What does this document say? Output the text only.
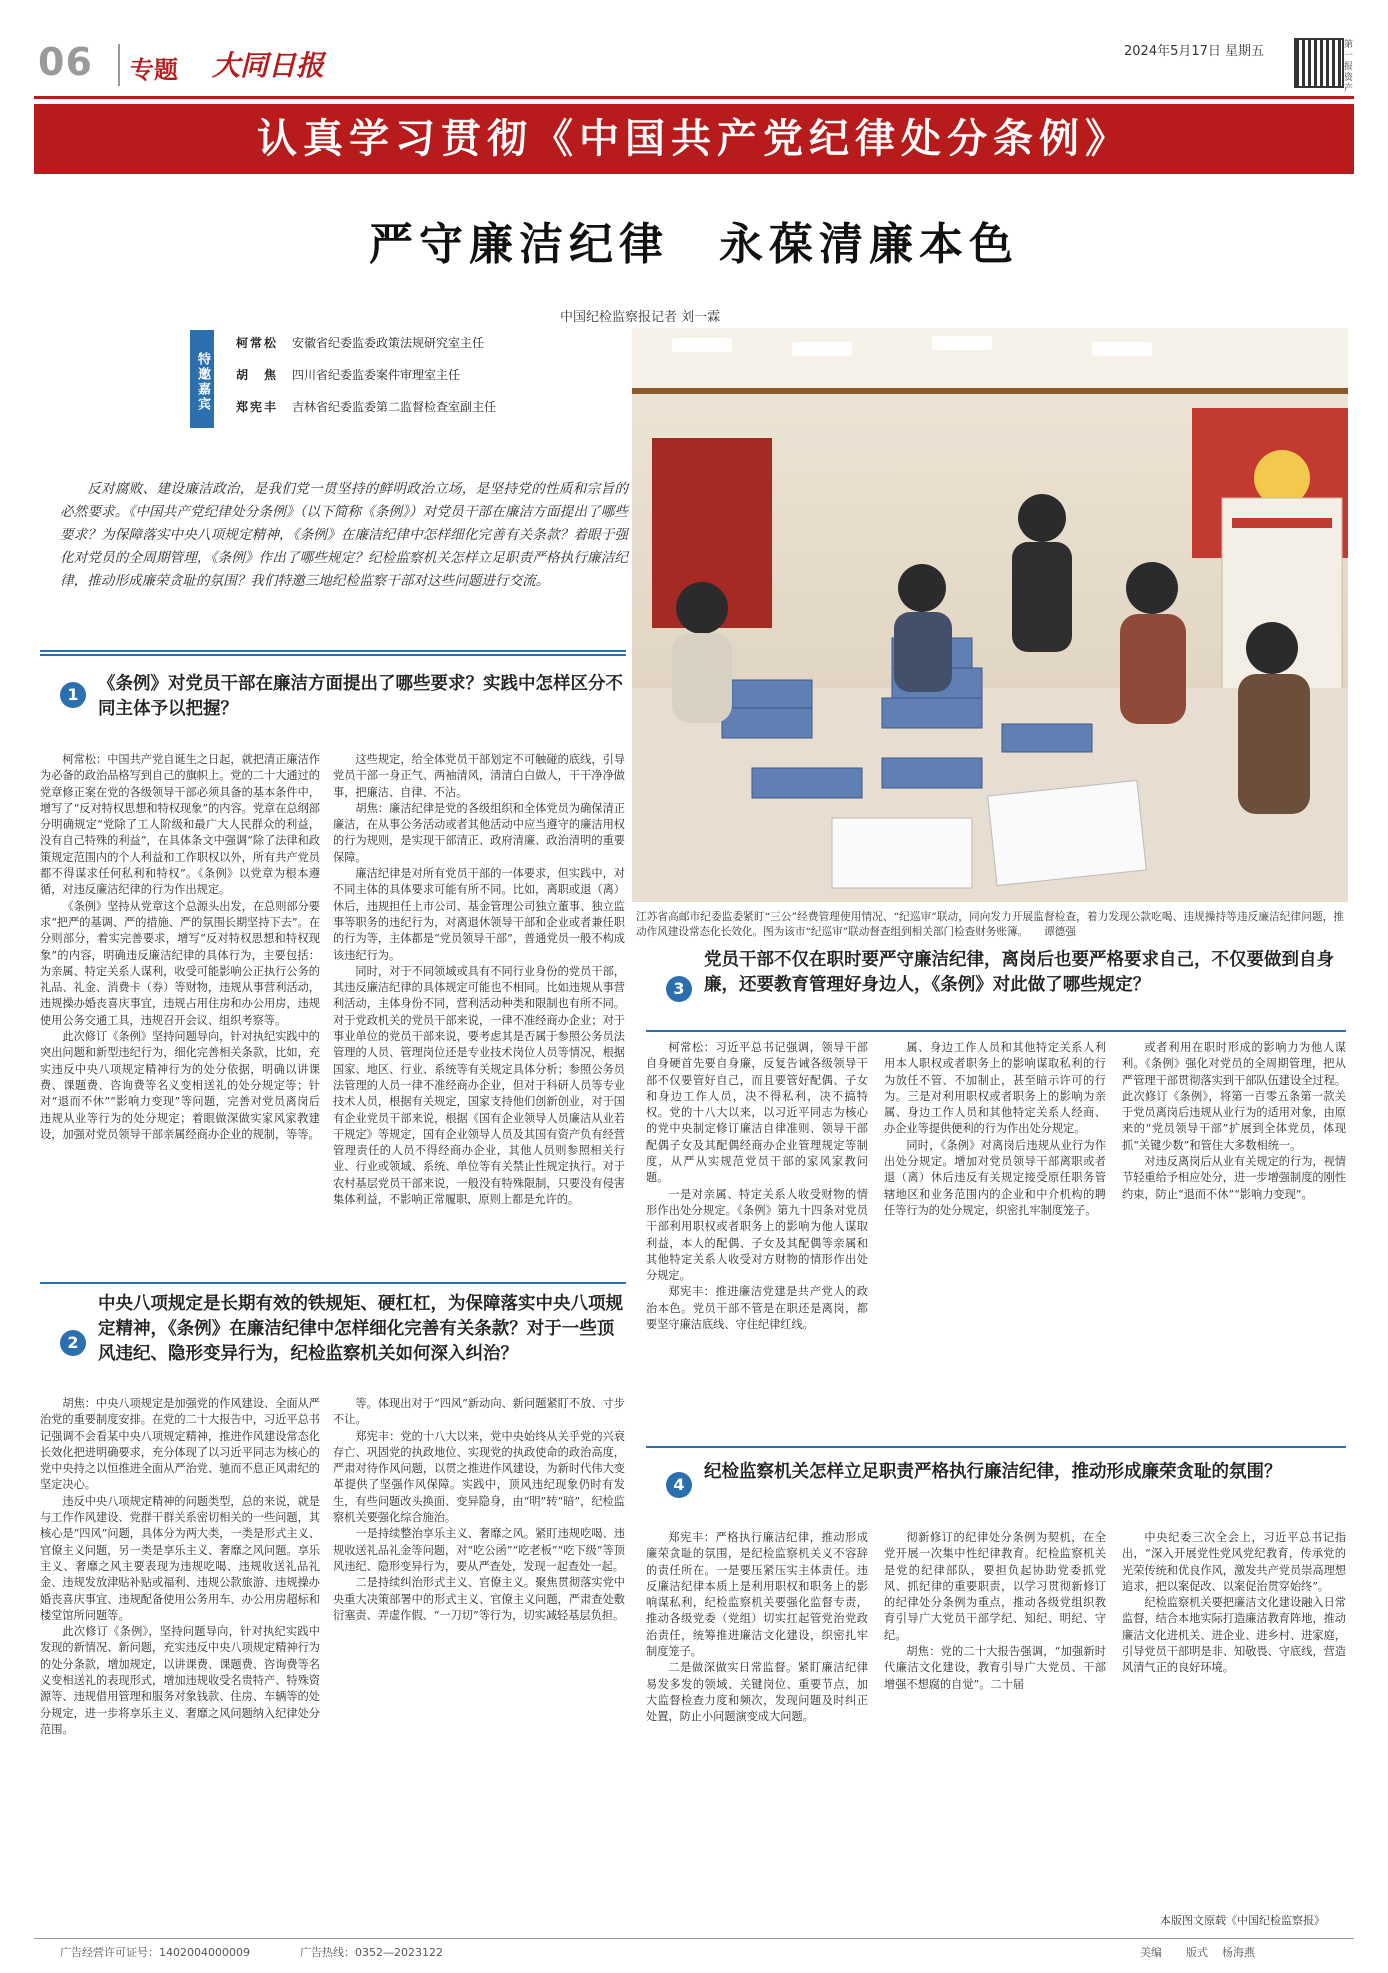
06 专题 大同日报	2024年5月17日 星期五	第一报资产
认真学习贯彻《中国共产党纪律处分条例》
严守廉洁纪律　永葆清廉本色
中国纪检监察报记者 刘一霖
特邀嘉宾
柯常松 安徽省纪委监委政策法规研究室主任
胡　焦 四川省纪委监委案件审理室主任
郑宪丰 吉林省纪委监委第二监督检查室副主任
反对腐败、建设廉洁政治，是我们党一贯坚持的鲜明政治立场，是坚持党的性质和宗旨的必然要求。《中国共产党纪律处分条例》（以下简称《条例》）对党员干部在廉洁方面提出了哪些要求？为保障落实中央八项规定精神，《条例》在廉洁纪律中怎样细化完善有关条款？着眼于强化对党员的全周期管理，《条例》作出了哪些规定？纪检监察机关怎样立足职责严格执行廉洁纪律，推动形成廉荣贪耻的氛围？我们特邀三地纪检监察干部对这些问题进行交流。
江苏省高邮市纪委监委紧盯“三公”经费管理使用情况、“纪巡审”联动，同向发力开展监督检查，着力发现公款吃喝、违规操持等违反廉洁纪律问题，推动作风建设常态化长效化。图为该市“纪巡审”联动督查组到相关部门检查财务账簿。　　谭德强
1
《条例》对党员干部在廉洁方面提出了哪些要求？实践中怎样区分不同主体予以把握？

柯常松：中国共产党自诞生之日起，就把清正廉洁作为必备的政治品格写到自己的旗帜上。党的二十大通过的党章修正案在党的各级领导干部必须具备的基本条件中，增写了“反对特权思想和特权现象”的内容。党章在总纲部分明确规定“党除了工人阶级和最广大人民群众的利益，没有自己特殊的利益”，在具体条文中强调“除了法律和政策规定范围内的个人利益和工作职权以外，所有共产党员都不得谋求任何私利和特权”。《条例》以党章为根本遵循，对违反廉洁纪律的行为作出规定。

《条例》坚持从党章这个总源头出发，在总则部分要求“把严的基调、严的措施、严的氛围长期坚持下去”。在分则部分，着实完善要求，增写“反对特权思想和特权现象”的内容，明确违反廉洁纪律的具体行为，主要包括：为亲属、特定关系人谋利，收受可能影响公正执行公务的礼品、礼金、消费卡（券）等财物，违规从事营利活动，违规操办婚丧喜庆事宜，违规占用住房和办公用房，违规使用公务交通工具，违规召开会议、组织考察等。

此次修订《条例》坚持问题导向，针对执纪实践中的突出问题和新型违纪行为，细化完善相关条款，比如，充实违反中央八项规定精神行为的处分依据，明确以讲课费、课题费、咨询费等名义变相送礼的处分规定等；针对“退而不休”“影响力变现”等问题，完善对党员离岗后违规从业等行为的处分规定；着眼做深做实家风家教建设，加强对党员领导干部亲属经商办企业的规制，等等。

这些规定，给全体党员干部划定不可触碰的底线，引导党员干部一身正气、两袖清风，清清白白做人，干干净净做事，把廉洁、自律、不沾。

胡焦：廉洁纪律是党的各级组织和全体党员为确保清正廉洁，在从事公务活动或者其他活动中应当遵守的廉洁用权的行为规则，是实现干部清正、政府清廉、政治清明的重要保障。

廉洁纪律是对所有党员干部的一体要求，但实践中，对不同主体的具体要求可能有所不同。比如，离职或退（离）休后，违规担任上市公司、基金管理公司独立董事、独立监事等职务的违纪行为，对离退休领导干部和企业或者兼任职的行为等，主体都是“党员领导干部”，普通党员一般不构成该违纪行为。

同时，对于不同领域或具有不同行业身份的党员干部，其违反廉洁纪律的具体规定可能也不相同。比如违规从事营利活动，主体身份不同，营利活动种类和限制也有所不同。对于党政机关的党员干部来说，一律不准经商办企业；对于事业单位的党员干部来说，要考虑其是否属于参照公务员法管理的人员、管理岗位还是专业技术岗位人员等情况，根据国家、地区、行业、系统等有关规定具体分析；参照公务员法管理的人员一律不准经商办企业，但对于科研人员等专业技术人员，根据有关规定，国家支持他们创新创业，对于国有企业党员干部来说，根据《国有企业领导人员廉洁从业若干规定》等规定，国有企业领导人员及其国有资产负有经营管理责任的人员不得经商办企业，其他人员则参照相关行业、行业或领域、系统、单位等有关禁止性规定执行。对于农村基层党员干部来说，一般没有特殊限制，只要没有侵害集体利益，不影响正常履职，原则上都是允许的。

2
中央八项规定是长期有效的铁规矩、硬杠杠，为保障落实中央八项规定精神，《条例》在廉洁纪律中怎样细化完善有关条款？对于一些顶风违纪、隐形变异行为，纪检监察机关如何深入纠治？

胡焦：中央八项规定是加强党的作风建设、全面从严治党的重要制度安排。在党的二十大报告中，习近平总书记强调不会看某中央八项规定精神，推进作风建设常态化长效化把进明确要求，充分体现了以习近平同志为核心的党中央持之以恒推进全面从严治党、驰而不息正风肃纪的坚定决心。

违反中央八项规定精神的问题类型，总的来说，就是与工作作风建设、党群干群关系密切相关的一些问题，其核心是“四风”问题，具体分为两大类，一类是形式主义、官僚主义问题，另一类是享乐主义、奢靡之风问题。享乐主义、奢靡之风主要表现为违规吃喝、违规收送礼品礼金、违规发放津贴补贴或福利、违规公款旅游、违规操办婚丧喜庆事宜、违规配备使用公务用车、办公用房超标和楼堂馆所问题等。

此次修订《条例》，坚持问题导向，针对执纪实践中发现的新情况、新问题，充实违反中央八项规定精神行为的处分条款，增加规定，以讲课费、课题费、咨询费等名义变相送礼的表现形式，增加违规收受名贵特产、特殊资源等、违规借用管理和服务对象钱款、住房、车辆等的处分规定，进一步将享乐主义、奢靡之风问题纳入纪律处分范围。

等。体现出对于“四风”新动向、新问题紧盯不放、寸步不让。

郑宪丰：党的十八大以来，党中央始终从关乎党的兴衰存亡、巩固党的执政地位、实现党的执政使命的政治高度，严肃对待作风问题，以贯之推进作风建设，为新时代伟大变革提供了坚强作风保障。实践中，顶风违纪现象仍时有发生，有些问题改头换面、变异隐身，由“明”转“暗”，纪检监察机关要强化综合施治。

一是持续整治享乐主义、奢靡之风。紧盯违规吃喝、违规收送礼品礼金等问题，对“吃公函”“吃老板”“吃下级”等顶风违纪、隐形变异行为，要从严查处，发现一起查处一起。

二是持续纠治形式主义、官僚主义。聚焦贯彻落实党中央重大决策部署中的形式主义、官僚主义问题，严肃查处敷衍塞责、弄虚作假、“一刀切”等行为，切实减轻基层负担。

3
党员干部不仅在职时要严守廉洁纪律，离岗后也要严格要求自己，不仅要做到自身廉，还要教育管理好身边人，《条例》对此做了哪些规定？

柯常松：习近平总书记强调，领导干部自身硬首先要自身廉，反复告诫各级领导干部不仅要管好自己，而且要管好配偶、子女和身边工作人员，决不得私利，决不搞特权。党的十八大以来，以习近平同志为核心的党中央制定修订廉洁自律准则、领导干部配偶子女及其配偶经商办企业管理规定等制度，从严从实规范党员干部的家风家教问题。

一是对亲属、特定关系人收受财物的情形作出处分规定。《条例》第九十四条对党员干部利用职权或者职务上的影响为他人谋取利益，本人的配偶、子女及其配偶等亲属和其他特定关系人收受对方财物的情形作出处分规定。

郑宪丰：推进廉洁党建是共产党人的政治本色。党员干部不管是在职还是离岗，都要坚守廉洁底线、守住纪律红线。

属、身边工作人员和其他特定关系人利用本人职权或者职务上的影响谋取私利的行为放任不管、不加制止，甚至暗示许可的行为。三是对利用职权或者职务上的影响为亲属、身边工作人员和其他特定关系人经商、办企业等提供便利的行为作出处分规定。

同时，《条例》对离岗后违规从业行为作出处分规定。增加对党员领导干部离职或者退（离）休后违反有关规定接受原任职务管辖地区和业务范围内的企业和中介机构的聘任等行为的处分规定，织密扎牢制度笼子。

或者利用在职时形成的影响力为他人谋利。《条例》强化对党员的全周期管理，把从严管理干部贯彻落实到干部队伍建设全过程。此次修订《条例》，将第一百零五条第一款关于党员离岗后违规从业行为的适用对象，由原来的“党员领导干部”扩展到全体党员，体现抓“关键少数”和管住大多数相统一。

对违反离岗后从业有关规定的行为，视情节轻重给予相应处分，进一步增强制度的刚性约束，防止“退而不休”“影响力变现”。

4
纪检监察机关怎样立足职责严格执行廉洁纪律，推动形成廉荣贪耻的氛围？

郑宪丰：严格执行廉洁纪律，推动形成廉荣贪耻的氛围，是纪检监察机关义不容辞的责任所在。一是要压紧压实主体责任。违反廉洁纪律本质上是利用职权和职务上的影响谋私利，纪检监察机关要强化监督专责，推动各级党委（党组）切实扛起管党治党政治责任，统筹推进廉洁文化建设，织密扎牢制度笼子。

二是做深做实日常监督。紧盯廉洁纪律易发多发的领域、关键岗位、重要节点，加大监督检查力度和频次，发现问题及时纠正处置，防止小问题演变成大问题。

彻新修订的纪律处分条例为契机，在全党开展一次集中性纪律教育。纪检监察机关是党的纪律部队，要担负起协助党委抓党风、抓纪律的重要职责，以学习贯彻新修订的纪律处分条例为重点，推动各级党组织教育引导广大党员干部学纪、知纪、明纪、守纪。

胡焦：党的二十大报告强调，“加强新时代廉洁文化建设，教育引导广大党员、干部增强不想腐的自觉”。二十届

中央纪委三次全会上，习近平总书记指出，“深入开展党性党风党纪教育，传承党的光荣传统和优良作风，激发共产党员崇高理想追求，把以案促改、以案促治贯穿始终”。

纪检监察机关要把廉洁文化建设融入日常监督，结合本地实际打造廉洁教育阵地，推动廉洁文化进机关、进企业、进乡村、进家庭，引导党员干部明是非、知敬畏、守底线，营造风清气正的良好环境。

本版图文原载《中国纪检监察报》
广告经营许可证号：1402004000009	广告热线：0352—2023122	美编 版式 杨海燕
